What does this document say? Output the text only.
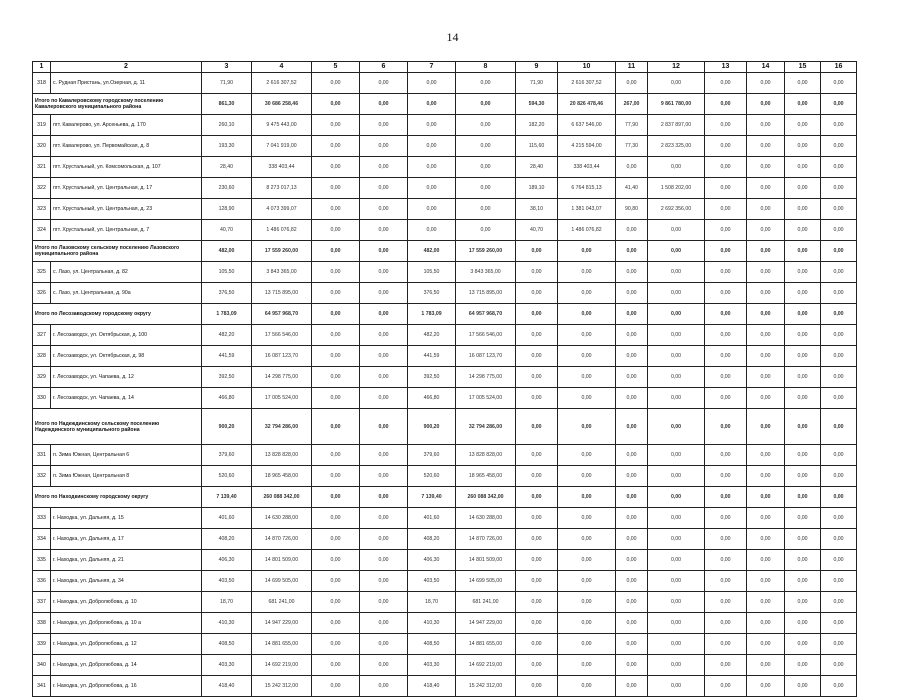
14
1	2	3	4	5	6	7	8	9	10	11	12	13	14	15	16
318	с. Рудная Пристань, ул.Озерная, д. 11	71,90	2 616 307,52	0,00	0,00	0,00	0,00	71,90	2 616 307,52	0,00	0,00	0,00	0,00	0,00	0,00
Итого по Кавалеровскому городскому поселению Кавалеровского муниципального района		861,30	30 686 258,46	0,00	0,00	0,00	0,00	594,30	20 826 478,46	267,00	9 861 780,00	0,00	0,00	0,00	0,00
319	пгт. Кавалерово, ул. Арсеньева, д. 170	260,10	9 475 443,00	0,00	0,00	0,00	0,00	182,20	6 637 546,00	77,90	2 837 897,00	0,00	0,00	0,00	0,00
320	пгт. Кавалерово, ул. Первомайская, д. 8	193,30	7 041 919,00	0,00	0,00	0,00	0,00	115,60	4 215 594,00	77,30	2 823 325,00	0,00	0,00	0,00	0,00
321	пгт. Хрустальный, ул. Комсомольская, д. 107	28,40	338 403,44	0,00	0,00	0,00	0,00	28,40	338 403,44	0,00	0,00	0,00	0,00	0,00	0,00
322	пгт. Хрустальный, ул. Центральная, д. 17	230,60	8 273 017,13	0,00	0,00	0,00	0,00	189,10	6 764 815,13	41,40	1 508 202,00	0,00	0,00	0,00	0,00
323	пгт. Хрустальный, ул. Центральная, д. 23	128,90	4 073 399,07	0,00	0,00	0,00	0,00	38,10	1 381 043,07	90,80	2 692 356,00	0,00	0,00	0,00	0,00
324	пгт. Хрустальный, ул. Центральная, д. 7	40,70	1 486 076,82	0,00	0,00	0,00	0,00	40,70	1 486 076,82	0,00	0,00	0,00	0,00	0,00	0,00
Итого по Лазовскому сельскому поселению Лазовского муниципального района		482,00	17 559 260,00	0,00	0,00	482,00	17 559 260,00	0,00	0,00	0,00	0,00	0,00	0,00	0,00	0,00
325	с. Лазо, ул. Центральная, д. 82	105,50	3 843 365,00	0,00	0,00	105,50	3 843 365,00	0,00	0,00	0,00	0,00	0,00	0,00	0,00	0,00
326	с. Лазо, ул. Центральная, д. 90а	376,50	13 715 895,00	0,00	0,00	376,50	13 715 895,00	0,00	0,00	0,00	0,00	0,00	0,00	0,00	0,00
Итого по Лесозаводскому городскому округу		1 783,09	64 957 968,70	0,00	0,00	1 783,09	64 957 968,70	0,00	0,00	0,00	0,00	0,00	0,00	0,00	0,00
327	г. Лесозаводск, ул. Октябрьская, д. 100	482,20	17 566 546,00	0,00	0,00	482,20	17 566 546,00	0,00	0,00	0,00	0,00	0,00	0,00	0,00	0,00
328	г. Лесозаводск, ул. Октябрьская, д. 98	441,59	16 087 123,70	0,00	0,00	441,59	16 087 123,70	0,00	0,00	0,00	0,00	0,00	0,00	0,00	0,00
329	г. Лесозаводск, ул. Чапаева, д. 12	392,50	14 298 775,00	0,00	0,00	392,50	14 298 775,00	0,00	0,00	0,00	0,00	0,00	0,00	0,00	0,00
330	г. Лесозаводск, ул. Чапаева, д. 14	466,80	17 005 524,00	0,00	0,00	466,80	17 005 524,00	0,00	0,00	0,00	0,00	0,00	0,00	0,00	0,00
Итого по Надеждинскому сельскому поселению Надеждинского муниципального района		900,20	32 794 286,00	0,00	0,00	900,20	32 794 286,00	0,00	0,00	0,00	0,00	0,00	0,00	0,00	0,00
331	п. Зима Южная, Центральная 6	379,60	13 828 828,00	0,00	0,00	379,60	13 828 828,00	0,00	0,00	0,00	0,00	0,00	0,00	0,00	0,00
332	п. Зима Южная, Центральная 8	520,60	18 965 458,00	0,00	0,00	520,60	18 965 458,00	0,00	0,00	0,00	0,00	0,00	0,00	0,00	0,00
Итого по Находкинскому городскому округу		7 139,40	260 088 342,00	0,00	0,00	7 139,40	260 088 342,00	0,00	0,00	0,00	0,00	0,00	0,00	0,00	0,00
333	г. Находка, ул. Дальняя, д. 15	401,60	14 630 288,00	0,00	0,00	401,60	14 630 288,00	0,00	0,00	0,00	0,00	0,00	0,00	0,00	0,00
334	г. Находка, ул. Дальняя, д. 17	408,20	14 870 726,00	0,00	0,00	408,20	14 870 726,00	0,00	0,00	0,00	0,00	0,00	0,00	0,00	0,00
335	г. Находка, ул. Дальняя, д. 21	406,30	14 801 509,00	0,00	0,00	406,30	14 801 509,00	0,00	0,00	0,00	0,00	0,00	0,00	0,00	0,00
336	г. Находка, ул. Дальняя, д. 34	403,50	14 699 505,00	0,00	0,00	403,50	14 699 505,00	0,00	0,00	0,00	0,00	0,00	0,00	0,00	0,00
337	г. Находка, ул. Добролюбова, д. 10	18,70	681 241,00	0,00	0,00	18,70	681 241,00	0,00	0,00	0,00	0,00	0,00	0,00	0,00	0,00
338	г. Находка, ул. Добролюбова, д. 10 а	410,30	14 947 229,00	0,00	0,00	410,30	14 947 229,00	0,00	0,00	0,00	0,00	0,00	0,00	0,00	0,00
339	г. Находка, ул. Добролюбова, д. 12	408,50	14 881 655,00	0,00	0,00	408,50	14 881 655,00	0,00	0,00	0,00	0,00	0,00	0,00	0,00	0,00
340	г. Находка, ул. Добролюбова, д. 14	403,30	14 692 219,00	0,00	0,00	403,30	14 692 219,00	0,00	0,00	0,00	0,00	0,00	0,00	0,00	0,00
341	г. Находка, ул. Добролюбова, д. 16	418,40	15 242 312,00	0,00	0,00	418,40	15 242 312,00	0,00	0,00	0,00	0,00	0,00	0,00	0,00	0,00
